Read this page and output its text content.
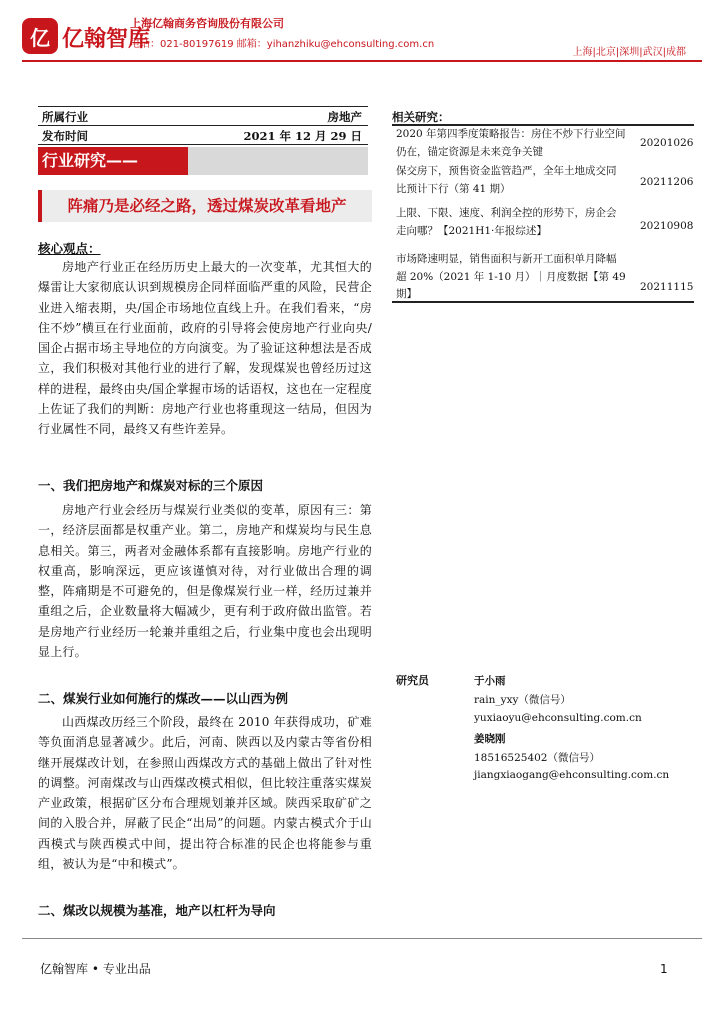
亿 亿翰智库
上海亿翰商务咨询股份有限公司
电话：021-80197619 邮箱：yihanzhiku@ehconsulting.com.cn
上海|北京|深圳|武汉|成都
所属行业	房地产
发布时间	2021 年 12 月 29 日
行业研究——
阵痛乃是必经之路，透过煤炭改革看地产
核心观点：

房地产行业正在经历历史上最大的一次变革，尤其恒大的爆雷让大家彻底认识到规模房企同样面临严重的风险，民营企业进入缩表期，央/国企市场地位直线上升。在我们看来，“房住不炒”横亘在行业面前，政府的引导将会使房地产行业向央/国企占据市场主导地位的方向演变。为了验证这种想法是否成立，我们积极对其他行业的进行了解，发现煤炭也曾经历过这样的进程，最终由央/国企掌握市场的话语权，这也在一定程度上佐证了我们的判断：房地产行业也将重现这一结局，但因为行业属性不同，最终又有些许差异。

一、我们把房地产和煤炭对标的三个原因

房地产行业会经历与煤炭行业类似的变革，原因有三：第一，经济层面都是权重产业。第二，房地产和煤炭均与民生息息相关。第三，两者对金融体系都有直接影响。房地产行业的权重高，影响深远，更应该谨慎对待，对行业做出合理的调整，阵痛期是不可避免的，但是像煤炭行业一样，经历过兼并重组之后，企业数量将大幅减少，更有利于政府做出监管。若是房地产行业经历一轮兼并重组之后，行业集中度也会出现明显上行。

二、煤炭行业如何施行的煤改——以山西为例

山西煤改历经三个阶段，最终在 2010 年获得成功，矿难等负面消息显著减少。此后，河南、陕西以及内蒙古等省份相继开展煤改计划，在参照山西煤改方式的基础上做出了针对性的调整。河南煤改与山西煤改模式相似，但比较注重落实煤炭产业政策，根据矿区分布合理规划兼并区域。陕西采取矿矿之间的入股合并，屏蔽了民企“出局”的问题。内蒙古模式介于山西模式与陕西模式中间，提出符合标准的民企也将能参与重组，被认为是“中和模式”。

二、煤改以规模为基准，地产以杠杆为导向
相关研究：
2020 年第四季度策略报告：房住不炒下行业空间仍在，锚定资源是未来竞争关键
20201026
保交房下，预售资金监管趋严，全年土地成交同比预计下行（第 41 期）
20211206
上限、下限、速度、利润全控的形势下，房企会走向哪？【2021H1·年报综述】	20210908
市场降速明显，销售面积与新开工面积单月降幅超 20%（2021 年 1-10 月）｜月度数据【第 49 期】
20211115
研究员	于小雨
rain_yxy（微信号）
yuxiaoyu@ehconsulting.com.cn
姜晓刚
18516525402（微信号）
jiangxiaogang@ehconsulting.com.cn
亿翰智库 • 专业出品	1
